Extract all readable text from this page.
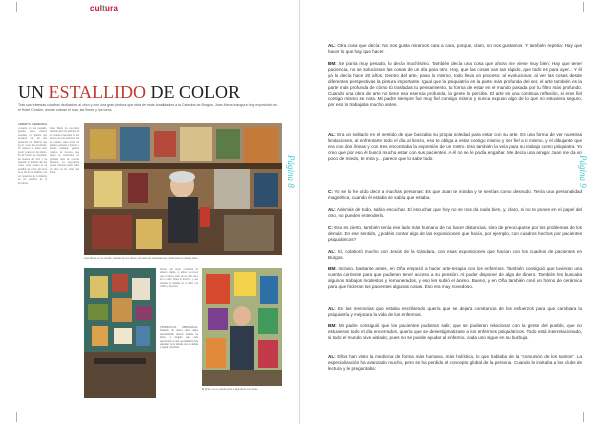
cultura
UN ESTALLIDO DE COLOR
Tras sus intensas cuadros dedicados al circo y con una gran pintura que dela de esas tonalidades a la Catedral de Burgos, Juan Mena inaugura hoy exposición en el Hotel Cordón, donde cobran el mar, las flores y los toros
ALBERTO CERECEDA
«Cuando yo era pequeño, gustaba unos cuadros enormes, la pintura que producía en mí una sensación de libertad que pocas cosas me producían. Yo empecé a pintar muy joven y nunca lo he dejado. Es mi forma de expresión, mi manera de vivir y de entender el mundo que me rodea. Cada cuadro es un estallido de color que nace de la luz de la mañana y de los recuerdos de la infancia en los pueblos de la provincia.
Juan Mena ha recorrido durante años los pueblos de la comarca buscando la luz exacta de cada estación. En su estudio, entre botes de pintura, pinceles y lienzos a medio terminar, guarda cientos de bocetos que luego se convierten en grandes telas de colores intensos. La exposición podrá visitarse hasta final de mes en las salas del hotel.
Juan Mena, en su estudio, rodeado de sus obras y de todos los materiales que utiliza para su trabajo diario.
Jurado del tercer certamen de pintura rápida, el artista reconoce que la mayor parte de su obra nace en la calle, frente al motivo, y que después la termina en el taller con calma y sin prisa.
TENDENCIAS MEDITADAS. Después de tantos años sigue descubriendo nuevas formas de mirar, y asegura que cada exposición es una oportunidad para aprender de la mirada de los demás y seguir creciendo.
El pintor, en su estudio junto a algunas de sus obras.
Página 8

AL: Otra cosa que decía: No nos gusta miramos cara a cara, porque, claro, no nos gustamos. Y también repetía: Hay que hacer lo que hay que hacer.

BM: Se ponía muy pesado, lo decía muchísimo. También decía una cosa que ahora me viene muy bien: Hay que tener paciencia, no se solucionan las cosas de un día para otro. Hoy, que las cosas van tan rápido, que todo es para ayer... Y él ya lo decía hace 20 años. Dentro del arte, pasa lo mismo, todo lleva un proceso; al evolucionar, al ver las cosas desde diferentes perspectivas la pintura importante. Igual que la psiquiatría es la parte más profunda del ser, el arte también es la parte más profunda de cómo tú trasladas tu pensamiento, tu forma de estar en el mundo pasada por tu filtro más profundo. Cuando una obra de arte no tiene esa esencia profunda, la gente lo percibe. El arte es una continua reflexión, si eres fiel contigo mismo se nota. Mi padre siempre fue muy fiel consigo mismo y nunca expuso algo de lo que no estuviera seguro, por eso lo trabajaba mucho antes.

AL: Era un solitario en el sentido de que buscaba su propia soledad para estar con su arte. Es una forma de ver nuestras limitaciones, al enfrentarte todo el día al lienzo, eso te obliga a estar contigo mismo y ser fiel a ti mismo, y el dibujante que era con dos líneas y con tres encontraba la expresión de un rostro. Eso también la veía para su trabajo como psiquiatra. Yo creo que por eso él buscó mucho estar con sus pacientes. A él no se le podía engañar. Me decía una amiga: Juan me da un poco de miedo, te mira y... parece que lo sabe todo.

C: Yo se lo he oído decir a muchas personas: Es que Juan te miraba y te sentías como desnudo. Tenía una personalidad magnética, cuando él estaba se sabía que estaba.

AL: Además de todo, sabía escuchar. El escuchar que hoy no se nos da nada bien, y, claro, si no te pones en el papel del otro, no pueden entenderlo.

C: Eso es cierto, también tenía ese lado más humano de no hacer distancias, sino de preocuparse por los problemas de los demás. En ese sentido, ¿podéis contar algo de las exposiciones que hacía, por ejemplo, con cuadros hechos por pacientes psiquiátricos?

AL: Sí, colaboró mucho con Jesús de la Gándara, con esas exposiciones que hacían con los cuadros de pacientes en Burgos.

BM: Incluso, bastante antes, en Oña empezó a hacer arte-terapia con los enfermos. También consiguió que tuvieran una cuenta corriente para que pudieran tener acceso a su pensión. Al poder disponer de algo de dinero. También les buscaba algunos trabajos modestos y remunerados, y eso les subió el ánimo. Bueno, y en Oña también creó un horno de cerámica para que hicieran los pacientes algunas cosas. Eso era muy novedoso.

AL: En las memorias que estaba escribiendo quería que se dejara constancia de los esfuerzos para que cambiara la psiquiatría y mejorara la vida de los enfermos.

BM: Mi padre consiguió que los pacientes pudieran salir, que se pudieran relacionar con la gente del pueblo, que no estuvieran todo el día encerrados, quería que se desestigmatizase a los enfermos psiquiátricos. Todo está interrelacionado, si todo el mundo vive aislado, pues no se puede ayudar al enfermo, cada uno sigue en su burbuja.

AL: Ellos han visto la medicina de forma más humana, más holística, lo que hablaba de la “comunión de los santos”. La especialización ha avanzado mucho, pero se ha perdido el concepto global de la persona. Cuando le invitaba a los clubs de lectura y le preguntaba:

Página 9
